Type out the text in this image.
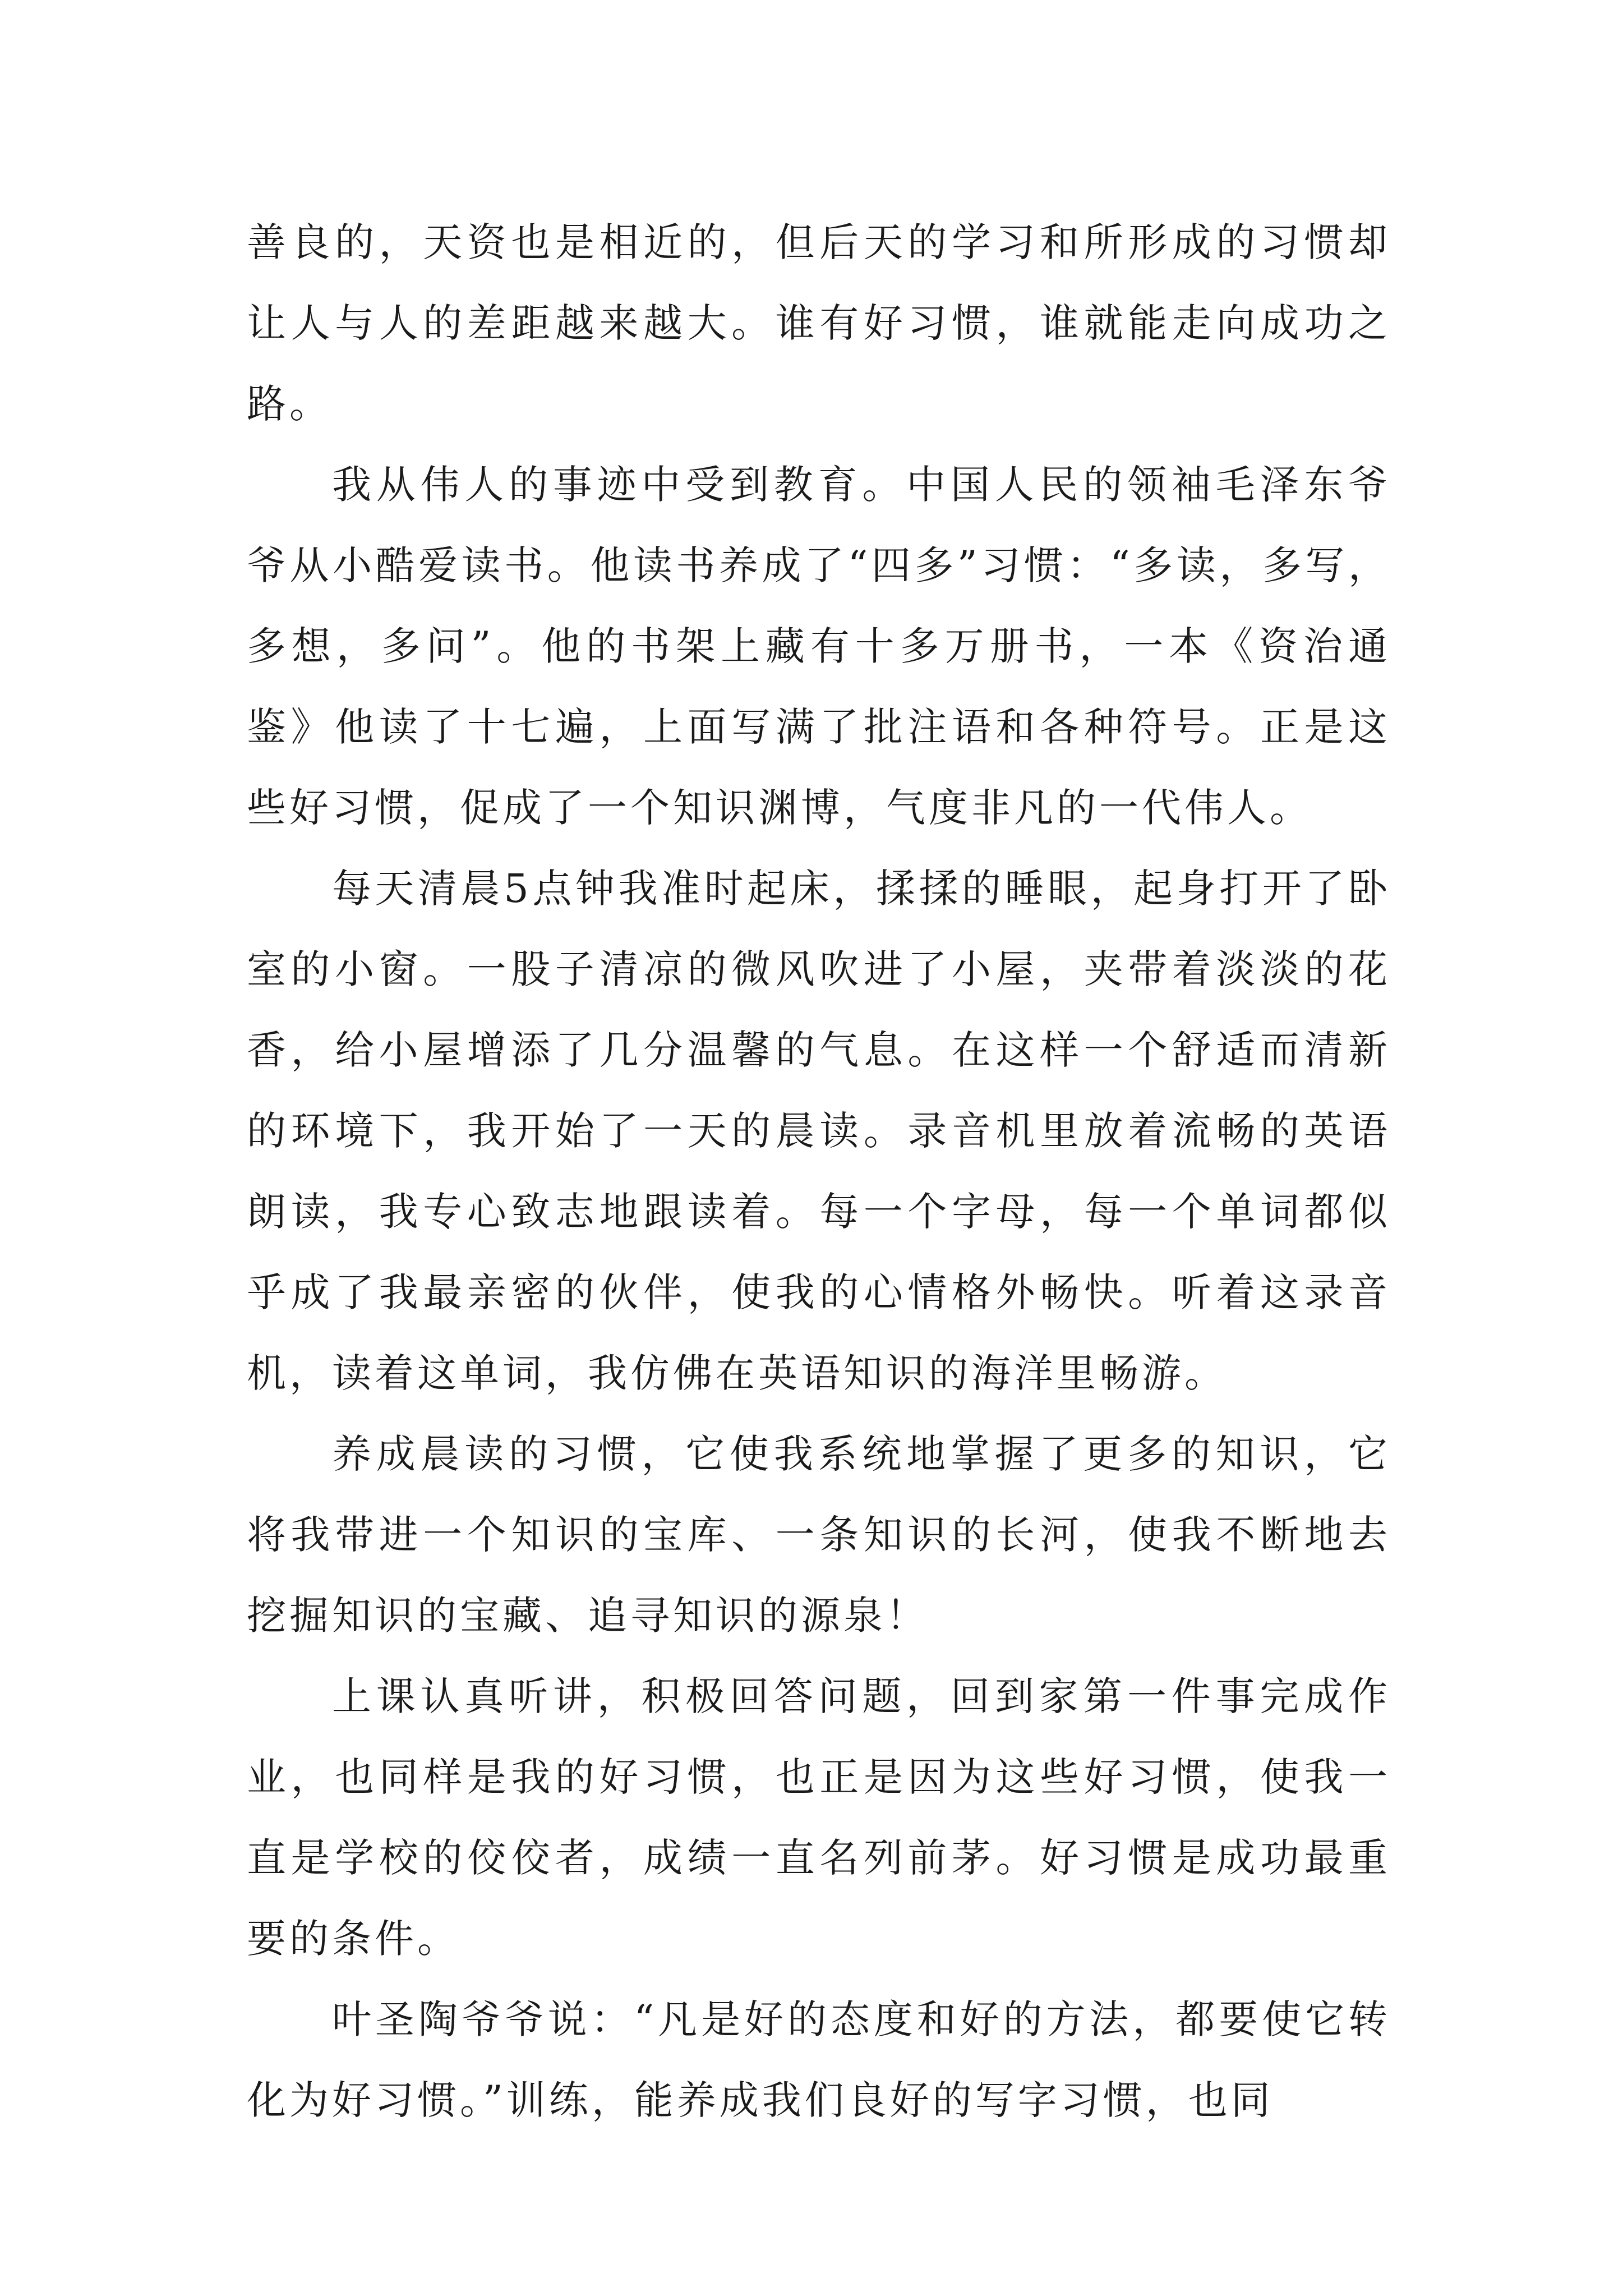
善良的，天资也是相近的，但后天的学习和所形成的习惯却让人与人的差距越来越大。谁有好习惯，谁就能走向成功之路。

我从伟人的事迹中受到教育。中国人民的领袖毛泽东爷爷从小酷爱读书。他读书养成了“四多”习惯：“多读，多写，多想，多问”。他的书架上藏有十多万册书，一本《资治通鉴》他读了十七遍，上面写满了批注语和各种符号。正是这些好习惯，促成了一个知识渊博，气度非凡的一代伟人。

每天清晨5点钟我准时起床，揉揉的睡眼，起身打开了卧室的小窗。一股子清凉的微风吹进了小屋，夹带着淡淡的花香，给小屋增添了几分温馨的气息。在这样一个舒适而清新的环境下，我开始了一天的晨读。录音机里放着流畅的英语朗读，我专心致志地跟读着。每一个字母，每一个单词都似乎成了我最亲密的伙伴，使我的心情格外畅快。听着这录音机，读着这单词，我仿佛在英语知识的海洋里畅游。

养成晨读的习惯，它使我系统地掌握了更多的知识，它将我带进一个知识的宝库、一条知识的长河，使我不断地去挖掘知识的宝藏、追寻知识的源泉！

上课认真听讲，积极回答问题，回到家第一件事完成作业，也同样是我的好习惯，也正是因为这些好习惯，使我一直是学校的佼佼者，成绩一直名列前茅。好习惯是成功最重要的条件。

叶圣陶爷爷说：“凡是好的态度和好的方法，都要使它转化为好习惯。”训练，能养成我们良好的写字习惯，也同
